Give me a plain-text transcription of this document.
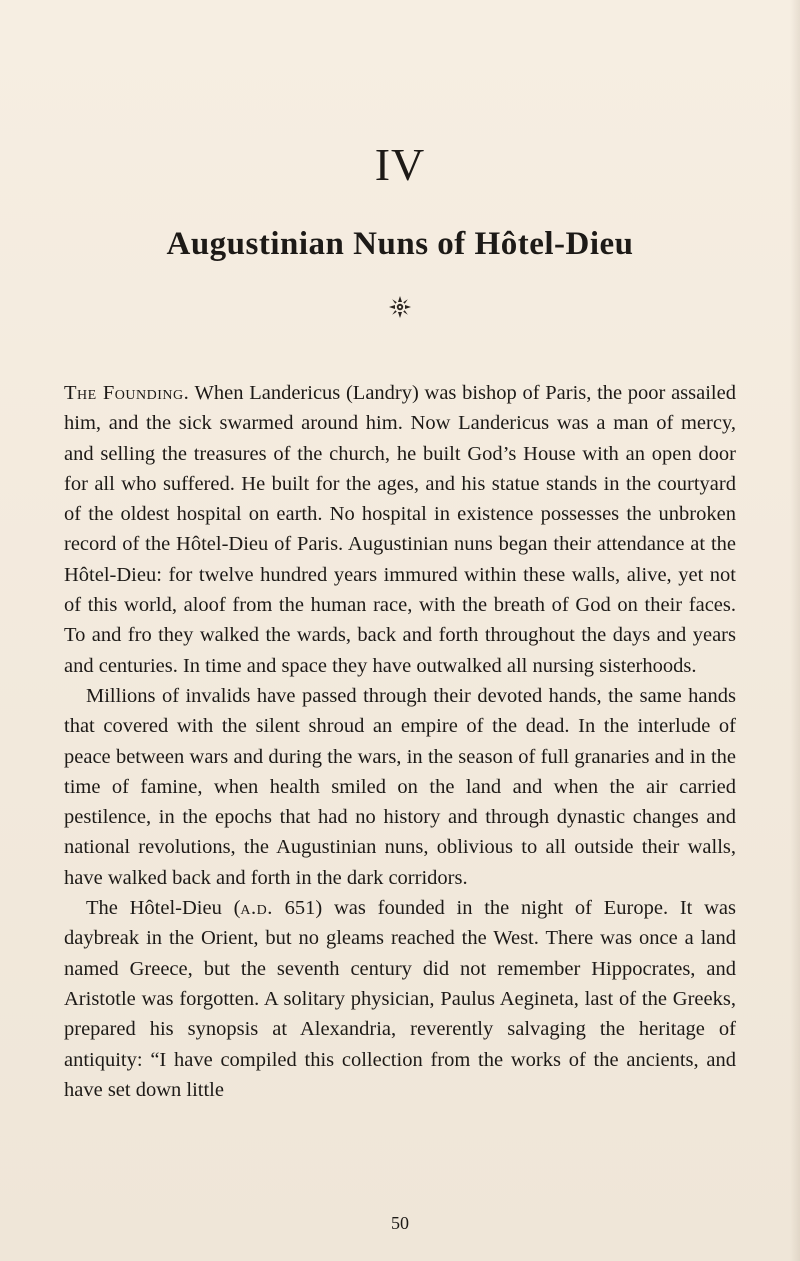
IV
Augustinian Nuns of Hôtel-Dieu

The Founding. When Landericus (Landry) was bishop of Paris, the poor assailed him, and the sick swarmed around him. Now Landericus was a man of mercy, and selling the treasures of the church, he built God’s House with an open door for all who suffered. He built for the ages, and his statue stands in the courtyard of the oldest hospital on earth. No hospital in existence possesses the unbroken record of the Hôtel-Dieu of Paris. Augustinian nuns began their attendance at the Hôtel-Dieu: for twelve hundred years immured within these walls, alive, yet not of this world, aloof from the human race, with the breath of God on their faces. To and fro they walked the wards, back and forth throughout the days and years and centuries. In time and space they have outwalked all nursing sisterhoods.

Millions of invalids have passed through their devoted hands, the same hands that covered with the silent shroud an empire of the dead. In the interlude of peace between wars and during the wars, in the season of full granaries and in the time of famine, when health smiled on the land and when the air carried pestilence, in the epochs that had no history and through dynastic changes and national revolutions, the Augustinian nuns, oblivious to all outside their walls, have walked back and forth in the dark corridors.

The Hôtel-Dieu (a.d. 651) was founded in the night of Europe. It was daybreak in the Orient, but no gleams reached the West. There was once a land named Greece, but the seventh century did not remember Hippocrates, and Aristotle was forgotten. A solitary physician, Paulus Aegineta, last of the Greeks, prepared his synopsis at Alexandria, reverently salvaging the heritage of antiquity: “I have compiled this collection from the works of the ancients, and have set down little

50
